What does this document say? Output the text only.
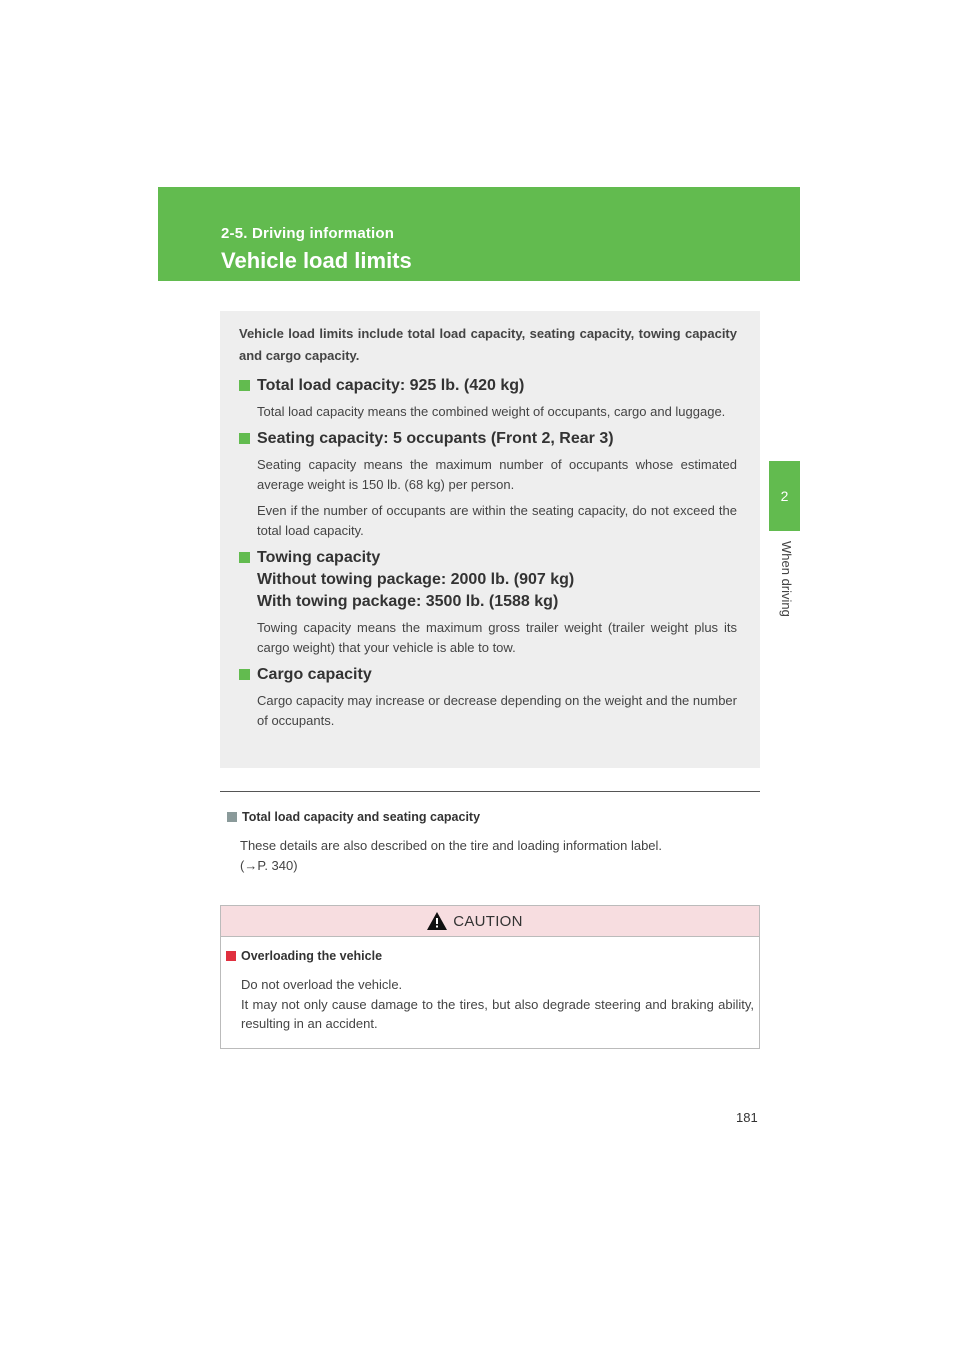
2-5. Driving information
Vehicle load limits
2
When driving

Vehicle load limits include total load capacity, seating capacity, towing capacity and cargo capacity.

Total load capacity: 925 lb. (420 kg)
Total load capacity means the combined weight of occupants, cargo and luggage.
Seating capacity: 5 occupants (Front 2, Rear 3)
Seating capacity means the maximum number of occupants whose estimated average weight is 150 lb. (68 kg) per person.
Even if the number of occupants are within the seating capacity, do not exceed the total load capacity.
Towing capacity
Without towing package: 2000 lb. (907 kg)
With towing package: 3500 lb. (1588 kg)
Towing capacity means the maximum gross trailer weight (trailer weight plus its cargo weight) that your vehicle is able to tow.
Cargo capacity
Cargo capacity may increase or decrease depending on the weight and the number of occupants.
Total load capacity and seating capacity
These details are also described on the tire and loading information label.
(→P. 340)
CAUTION
Overloading the vehicle
Do not overload the vehicle.
It may not only cause damage to the tires, but also degrade steering and braking ability, resulting in an accident.
181
